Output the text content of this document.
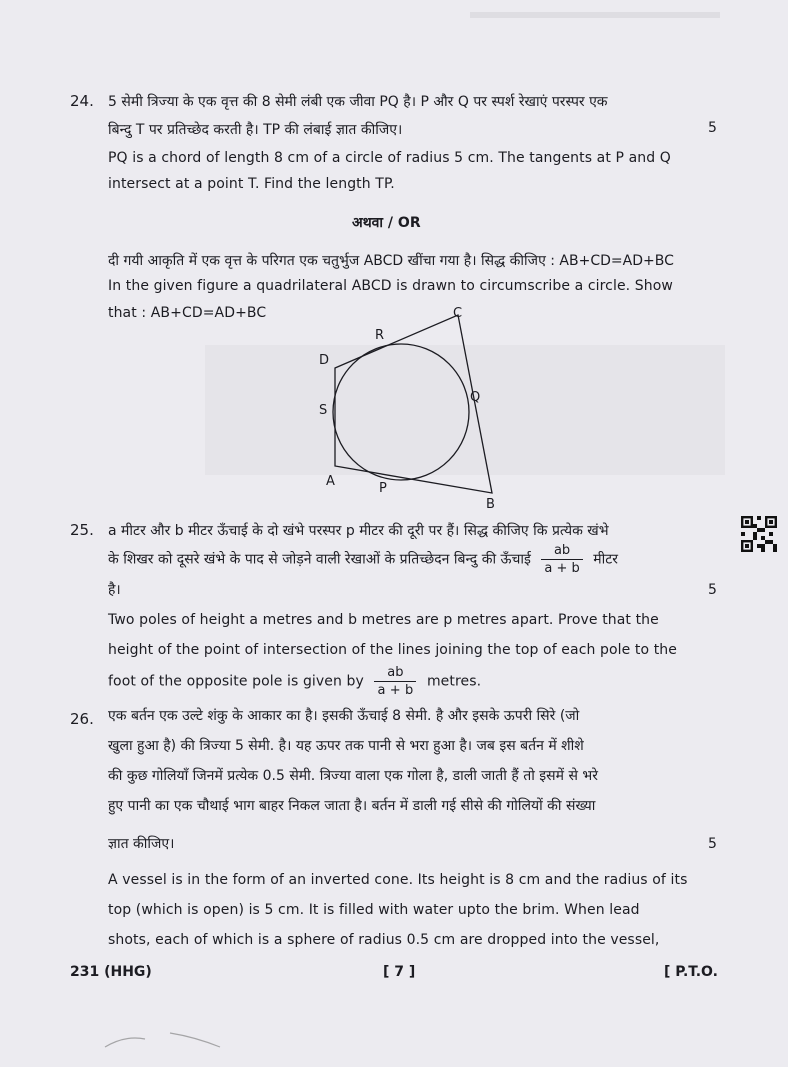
24. 5 सेमी त्रिज्या के एक वृत्त की 8 सेमी लंबी एक जीवा PQ है। P और Q पर स्पर्श रेखाएं परस्पर एक
बिन्दु T पर प्रतिच्छेद करती है। TP की लंबाई ज्ञात कीजिए।	5
PQ is a chord of length 8 cm of a circle of radius 5 cm. The tangents at P and Q
intersect at a point T. Find the length TP.
अथवा / OR
दी गयी आकृति में एक वृत्त के परिगत एक चतुर्भुज ABCD खींचा गया है। सिद्ध कीजिए : AB+CD=AD+BC
In the given figure a quadrilateral ABCD is drawn to circumscribe a circle. Show
that : AB+CD=AD+BC
D
R
C
S
Q
A	P
B
25. a मीटर और b मीटर ऊँचाई के दो खंभे परस्पर p मीटर की दूरी पर हैं। सिद्ध कीजिए कि प्रत्येक खंभे
के शिखर को दूसरे खंभे के पाद से जोड़ने वाली रेखाओं के प्रतिच्छेदन बिन्दु की ऊँचाई $\frac{ab}{a + b}$ मीटर
है।	5
Two poles of height a metres and b metres are p metres apart. Prove that the
height of the point of intersection of the lines joining the top of each pole to the
foot of the opposite pole is given by $\frac{ab}{a + b}$ metres.
26. एक बर्तन एक उल्टे शंकु के आकार का है। इसकी ऊँचाई 8 सेमी. है और इसके ऊपरी सिरे (जो
खुला हुआ है) की त्रिज्या 5 सेमी. है। यह ऊपर तक पानी से भरा हुआ है। जब इस बर्तन में शीशे
की कुछ गोलियाँ जिनमें प्रत्येक 0.5 सेमी. त्रिज्या वाला एक गोला है, डाली जाती हैं तो इसमें से भरे
हुए पानी का एक चौथाई भाग बाहर निकल जाता है। बर्तन में डाली गई सीसे की गोलियों की संख्या
ज्ञात कीजिए।	5
A vessel is in the form of an inverted cone. Its height is 8 cm and the radius of its
top (which is open) is 5 cm. It is filled with water upto the brim. When lead
shots, each of which is a sphere of radius 0.5 cm are dropped into the vessel,
231 (HHG)	[ 7 ]	[ P.T.O.
